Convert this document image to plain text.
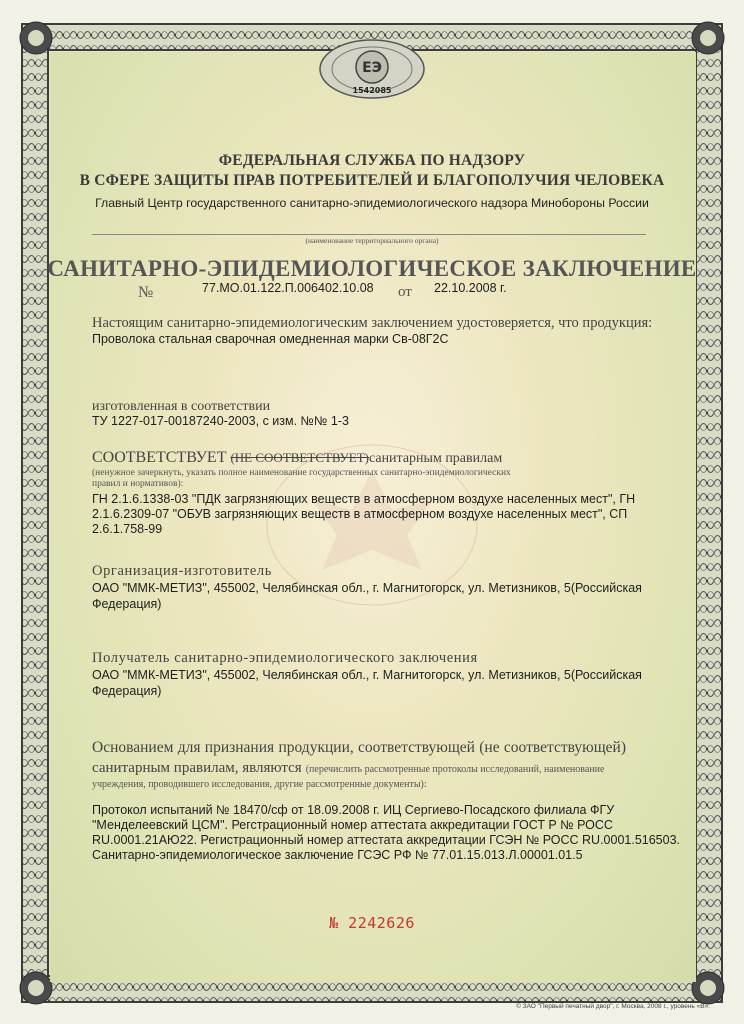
ЕЭ
1542085
ФЕДЕРАЛЬНАЯ СЛУЖБА ПО НАДЗОРУ
В СФЕРЕ ЗАЩИТЫ ПРАВ ПОТРЕБИТЕЛЕЙ И БЛАГОПОЛУЧИЯ ЧЕЛОВЕКА
Главный Центр государственного санитарно-эпидемиологического надзора Минобороны России
(наименование территориального органа)
САНИТАРНО-ЭПИДЕМИОЛОГИЧЕСКОЕ ЗАКЛЮЧЕНИЕ
№	77.МО.01.122.П.006402.10.08 от 22.10.2008 г.
Настоящим санитарно-эпидемиологическим заключением удостоверяется, что продукция:
Проволока стальная сварочная омедненная марки Св-08Г2С
изготовленная в соответствии
ТУ 1227-017-00187240-2003, с изм. №№ 1-3
СООТВЕТСТВУЕТ (НЕ СООТВЕТСТВУЕТ)санитарным правилам
(ненужное зачеркнуть, указать полное наименование государственных санитарно-эпидемиологических
правил и нормативов):
ГН 2.1.6.1338-03 "ПДК загрязняющих веществ в атмосферном воздухе населенных мест", ГН
2.1.6.2309-07 "ОБУВ загрязняющих веществ в атмосферном воздухе населенных мест", СП
2.6.1.758-99
Организация-изготовитель
ОАО "ММК-МЕТИЗ", 455002, Челябинская обл., г. Магнитогорск, ул. Метизников, 5(Российская
Федерация)
Получатель санитарно-эпидемиологического заключения
ОАО "ММК-МЕТИЗ", 455002, Челябинская обл., г. Магнитогорск, ул. Метизников, 5(Российская
Федерация)
Основанием для признания продукции, соответствующей (не соответствующей)
санитарным правилам, являются (перечислить рассмотренные протоколы исследований, наименование
учреждения, проводившего исследования, другие рассмотренные документы):
Протокол испытаний № 18470/сф от 18.09.2008 г. ИЦ Сергиево-Посадского филиала ФГУ
"Менделеевский ЦСМ". Регстрационный номер аттестата аккредитации ГОСТ Р № РОСС
RU.0001.21АЮ22. Регистрационный номер аттестата аккредитации ГСЭН № РОСС RU.0001.516503.
Санитарно-эпидемиологическое заключение ГСЭС РФ № 77.01.15.013.Л.00001.01.5
№ 2242626
© ЗАО "Первый печатный двор", г. Москва, 2008 г., уровень «В».
